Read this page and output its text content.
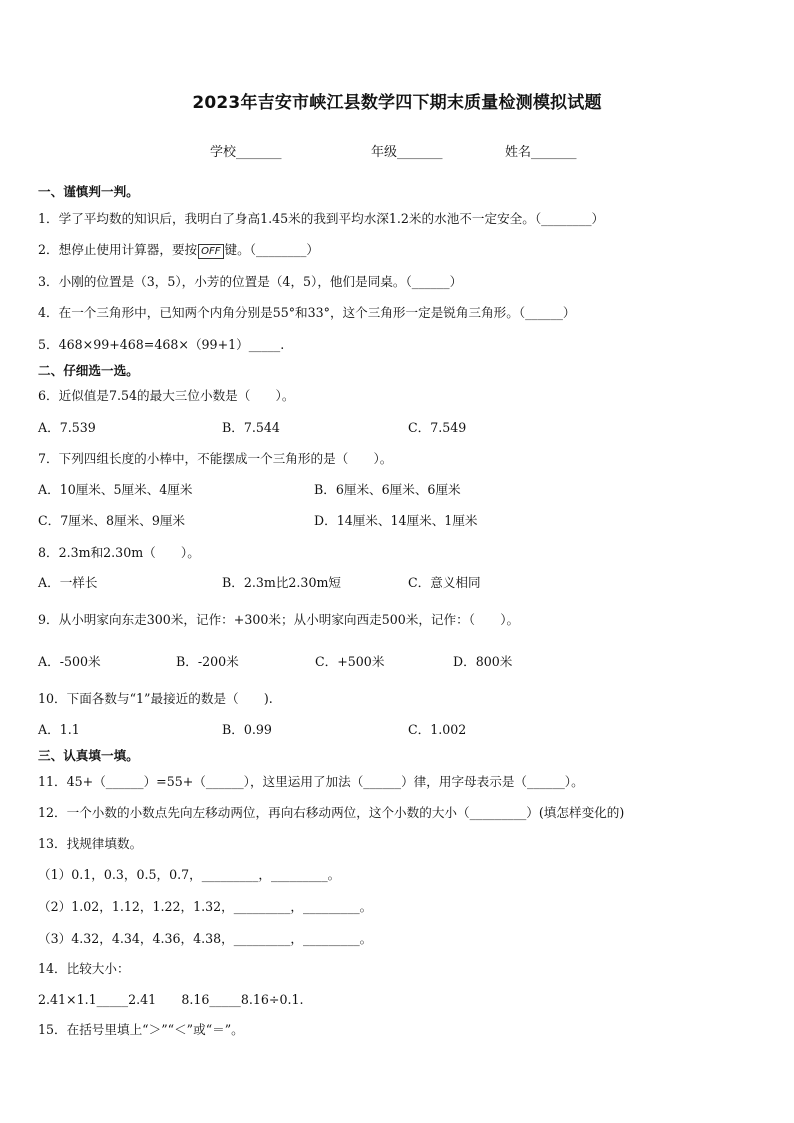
2023年吉安市峡江县数学四下期末质量检测模拟试题
学校_______	年级_______	姓名_______
一、谨慎判一判。
1．学了平均数的知识后，我明白了身高1.45米的我到平均水深1.2米的水池不一定安全。（________）
2．想停止使用计算器，要按 OFF 键。（________）
3．小刚的位置是（3，5），小芳的位置是（4，5），他们是同桌。（______）
4．在一个三角形中，已知两个内角分别是55°和33°，这个三角形一定是锐角三角形。（______）
5．468×99+468=468×（99+1）_____.
二、仔细选一选。
6．近似值是7.54的最大三位小数是（　　）。
A．7.539	B．7.544	C．7.549
7．下列四组长度的小棒中，不能摆成一个三角形的是（　　）。
A．10厘米、5厘米、4厘米	B．6厘米、6厘米、6厘米
C．7厘米、8厘米、9厘米	D．14厘米、14厘米、1厘米
8．2.3m和2.30m（　　）。
A．一样长	B．2.3m比2.30m短	C．意义相同
9．从小明家向东走300米，记作：+300米；从小明家向西走500米，记作：（　　）。
A．-500米	B．-200米	C．+500米	D．800米
10．下面各数与“1”最接近的数是（　　).
A．1.1	B．0.99	C．1.002
三、认真填一填。
11．45+（______）=55+（______），这里运用了加法（______）律，用字母表示是（______）。
12．一个小数的小数点先向左移动两位，再向右移动两位，这个小数的大小（_________）(填怎样变化的)
13．找规律填数。
（1）0.1，0.3，0.5，0.7，_________，_________。
（2）1.02，1.12，1.22，1.32，_________，_________。
（3）4.32，4.34，4.36，4.38，_________，_________。
14．比较大小：
2.41×1.1_____2.41　　8.16_____8.16÷0.1.
15．在括号里填上“＞”“＜”或“＝”。
